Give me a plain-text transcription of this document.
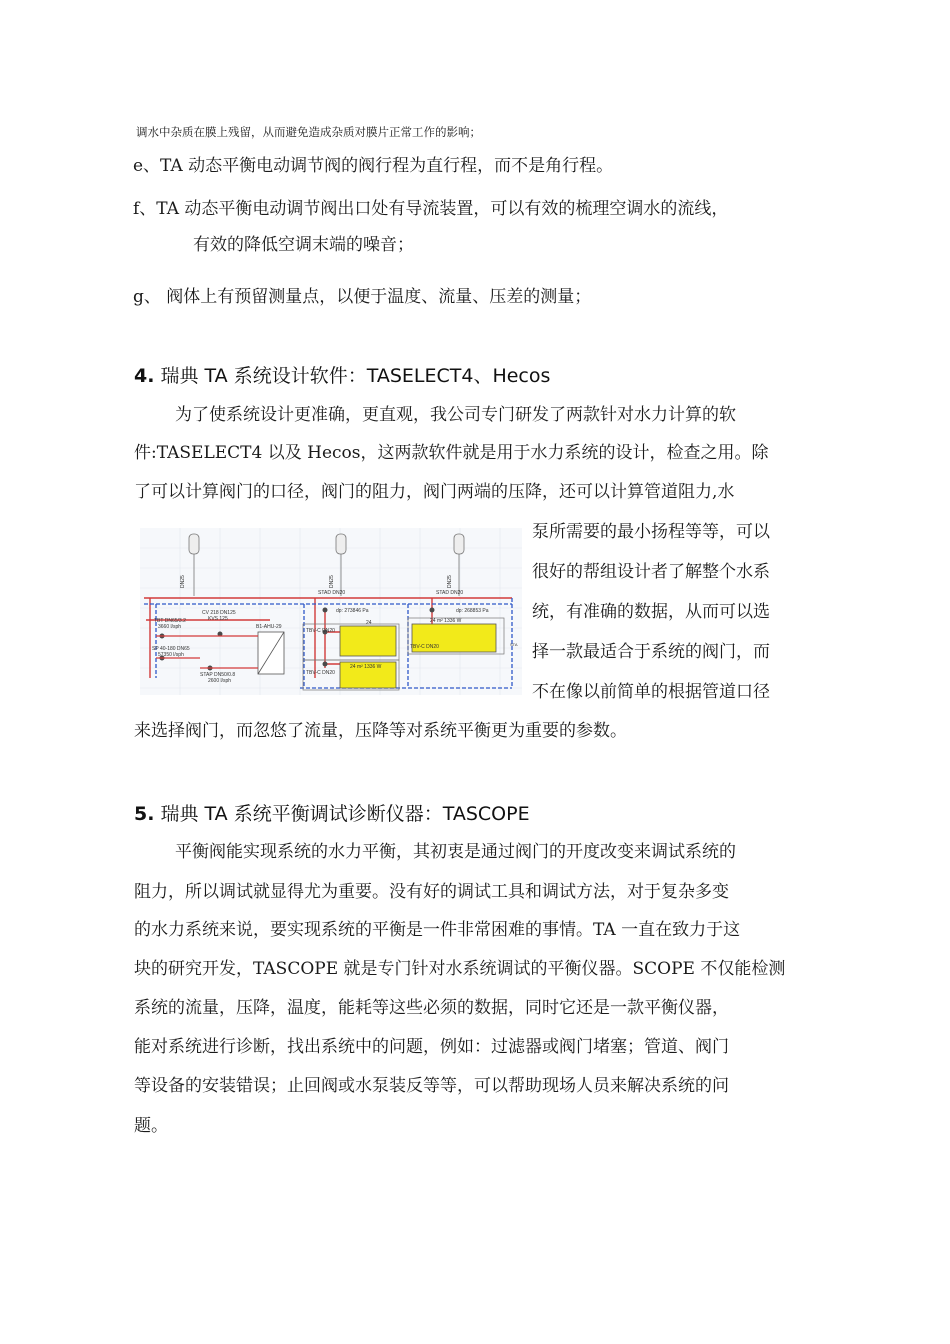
调水中杂质在膜上残留，从而避免造成杂质对膜片正常工作的影响；
e、TA 动态平衡电动调节阀的阀行程为直行程，而不是角行程。
f、TA 动态平衡电动调节阀出口处有导流装置，可以有效的梳理空调水的流线，
有效的降低空调末端的噪音；
g、 阀体上有预留测量点，以便于温度、流量、压差的测量；
4. 瑞典 TA 系统设计软件：TASELECT4、Hecos
为了使系统设计更准确，更直观，我公司专门研发了两款针对水力计算的软
件:TASELECT4 以及 Hecos，这两款软件就是用于水力系统的设计，检查之用。除
了可以计算阀门的口径，阀门的阻力，阀门两端的压降，还可以计算管道阻力,水
泵所需要的最小扬程等等，可以
很好的帮组设计者了解整个水系
统，有准确的数据，从而可以选
择一款最适合于系统的阀门，而
不在像以前简单的根据管道口径
来选择阀门，而忽悠了流量，压降等对系统平衡更为重要的参数。
DN25	DN25	DN25
B1-AHU-29
CV 218 DN125
KVS 125
TBT DN65/3.2
3660 l/sph
SP 40-180 DN65
57350 l/sph
STAP DN50/0.8
2600 l/sph
STAD DN20
dp: 273846 Pa
STAD DN20
dp: 268853 Pa
STA
24	24 m² 1336 W
24 m² 1336 W
TBV-C DN20
TBV-C DN20
TBV-C DN20
5. 瑞典 TA 系统平衡调试诊断仪器：TASCOPE
平衡阀能实现系统的水力平衡，其初衷是通过阀门的开度改变来调试系统的
阻力，所以调试就显得尤为重要。没有好的调试工具和调试方法，对于复杂多变
的水力系统来说，要实现系统的平衡是一件非常困难的事情。TA 一直在致力于这
块的研究开发，TASCOPE 就是专门针对水系统调试的平衡仪器。SCOPE 不仅能检测
系统的流量，压降，温度，能耗等这些必须的数据，同时它还是一款平衡仪器，
能对系统进行诊断，找出系统中的问题，例如：过滤器或阀门堵塞；管道、阀门
等设备的安装错误；止回阀或水泵装反等等，可以帮助现场人员来解决系统的问
题。
